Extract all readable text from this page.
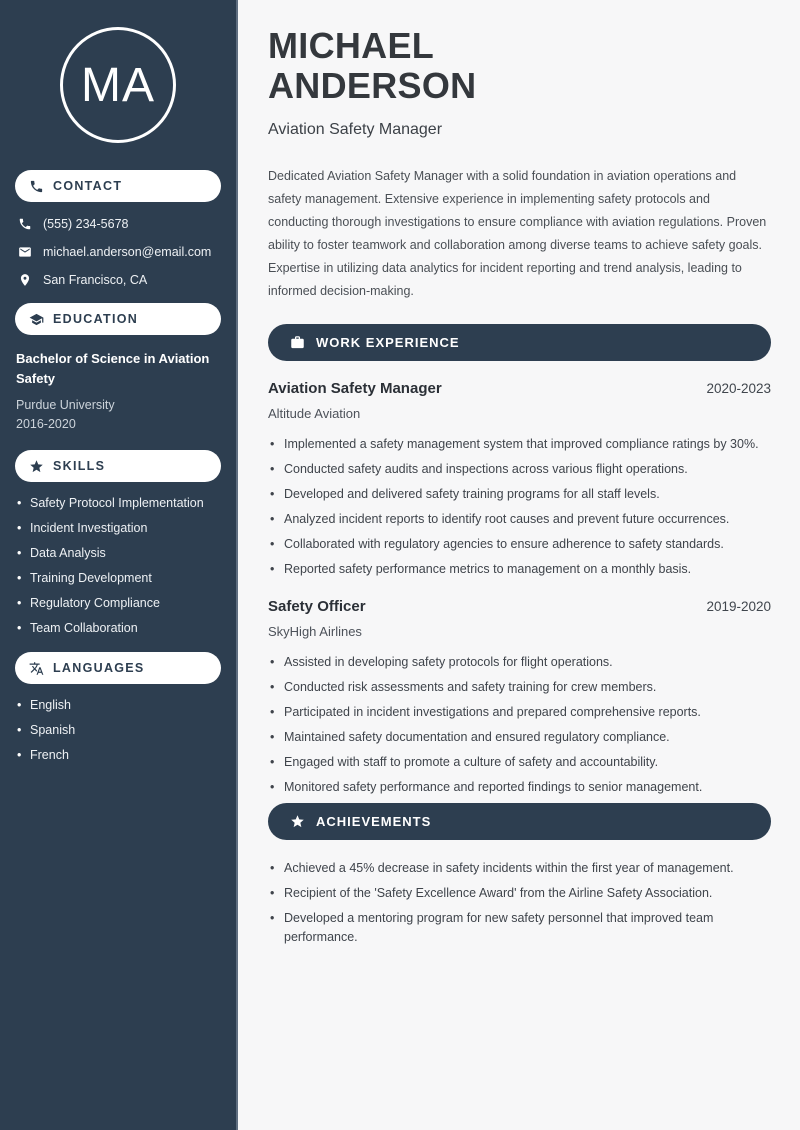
MA
CONTACT
(555) 234-5678
michael.anderson@email.com
San Francisco, CA
EDUCATION
Bachelor of Science in Aviation Safety
Purdue University
2016-2020
SKILLS
• Safety Protocol Implementation
• Incident Investigation
• Data Analysis
• Training Development
• Regulatory Compliance
• Team Collaboration
LANGUAGES
• English
• Spanish
• French
MICHAEL
ANDERSON
Aviation Safety Manager

Dedicated Aviation Safety Manager with a solid foundation in aviation operations and safety management. Extensive experience in implementing safety protocols and conducting thorough investigations to ensure compliance with aviation regulations. Proven ability to foster teamwork and collaboration among diverse teams to achieve safety goals. Expertise in utilizing data analytics for incident reporting and trend analysis, leading to informed decision-making.

WORK EXPERIENCE
Aviation Safety Manager	2020-2023
Altitude Aviation
• Implemented a safety management system that improved compliance ratings by 30%.
• Conducted safety audits and inspections across various flight operations.
• Developed and delivered safety training programs for all staff levels.
• Analyzed incident reports to identify root causes and prevent future occurrences.
• Collaborated with regulatory agencies to ensure adherence to safety standards.
• Reported safety performance metrics to management on a monthly basis.
Safety Officer	2019-2020
SkyHigh Airlines
• Assisted in developing safety protocols for flight operations.
• Conducted risk assessments and safety training for crew members.
• Participated in incident investigations and prepared comprehensive reports.
• Maintained safety documentation and ensured regulatory compliance.
• Engaged with staff to promote a culture of safety and accountability.
• Monitored safety performance and reported findings to senior management.
ACHIEVEMENTS
• Achieved a 45% decrease in safety incidents within the first year of management.
• Recipient of the 'Safety Excellence Award' from the Airline Safety Association.
• Developed a mentoring program for new safety personnel that improved team performance.
